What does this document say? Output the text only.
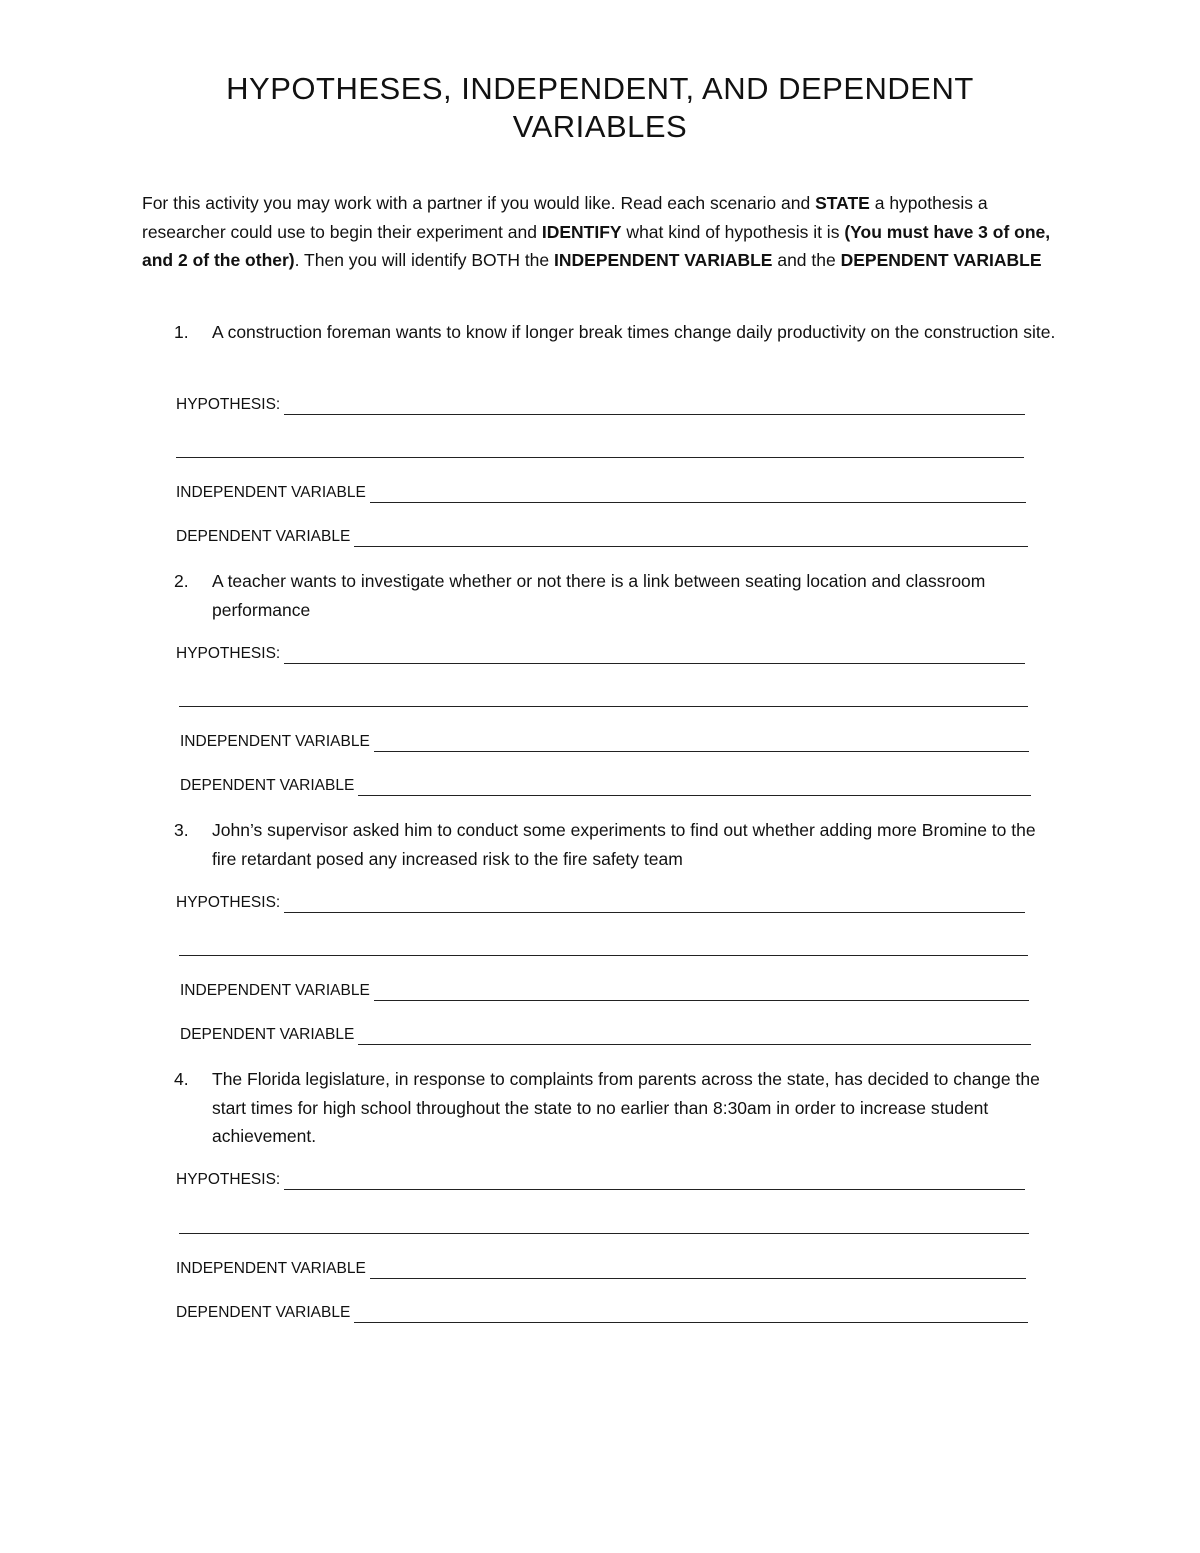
HYPOTHESES, INDEPENDENT, AND DEPENDENT
VARIABLES

For this activity you may work with a partner if you would like. Read each scenario and STATE a hypothesis a researcher could use to begin their experiment and IDENTIFY what kind of hypothesis it is (You must have 3 of one, and 2 of the other). Then you will identify BOTH the INDEPENDENT VARIABLE and the DEPENDENT VARIABLE

1. A construction foreman wants to know if longer break times change daily productivity on the construction site.

HYPOTHESIS:
INDEPENDENT VARIABLE
DEPENDENT VARIABLE

2. A teacher wants to investigate whether or not there is a link between seating location and classroom performance

HYPOTHESIS:
INDEPENDENT VARIABLE
DEPENDENT VARIABLE

3. John’s supervisor asked him to conduct some experiments to find out whether adding more Bromine to the fire retardant posed any increased risk to the fire safety team

HYPOTHESIS:
INDEPENDENT VARIABLE
DEPENDENT VARIABLE

4. The Florida legislature, in response to complaints from parents across the state, has decided to change the start times for high school throughout the state to no earlier than 8:30am in order to increase student achievement.

HYPOTHESIS:
INDEPENDENT VARIABLE
DEPENDENT VARIABLE
